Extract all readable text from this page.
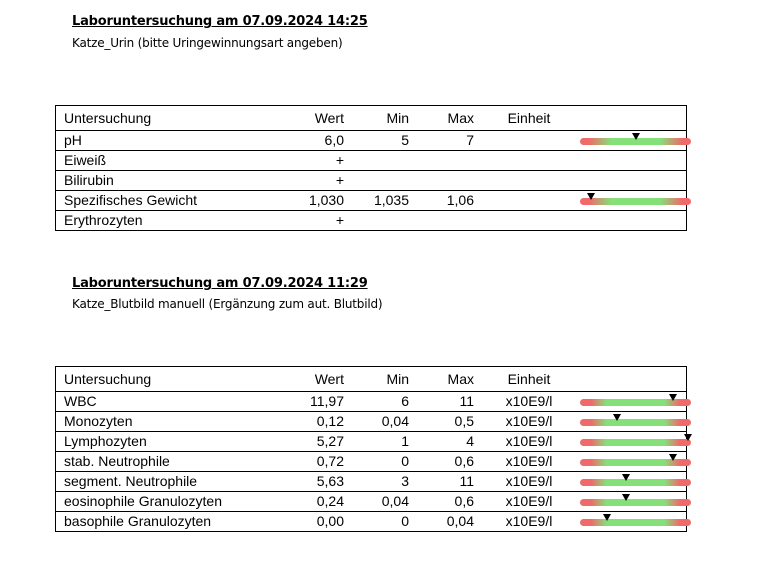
Laboruntersuchung am 07.09.2024 14:25
Katze_Urin (bitte Uringewinnungsart angeben)
Untersuchung	Wert	Min	Max	Einheit	
pH	6,0	5	7		

Eiweiß	+				
Bilirubin	+				
Spezifisches Gewicht	1,030	1,035	1,06		

Erythrozyten	+				
Laboruntersuchung am 07.09.2024 11:29
Katze_Blutbild manuell (Ergänzung zum aut. Blutbild)
Untersuchung	Wert	Min	Max	Einheit	
WBC	11,97	6	11	x10E9/l	

Monozyten	0,12	0,04	0,5	x10E9/l	

Lymphozyten	5,27	1	4	x10E9/l	

stab. Neutrophile	0,72	0	0,6	x10E9/l	

segment. Neutrophile	5,63	3	11	x10E9/l	

eosinophile Granulozyten	0,24	0,04	0,6	x10E9/l	

basophile Granulozyten	0,00	0	0,04	x10E9/l	
